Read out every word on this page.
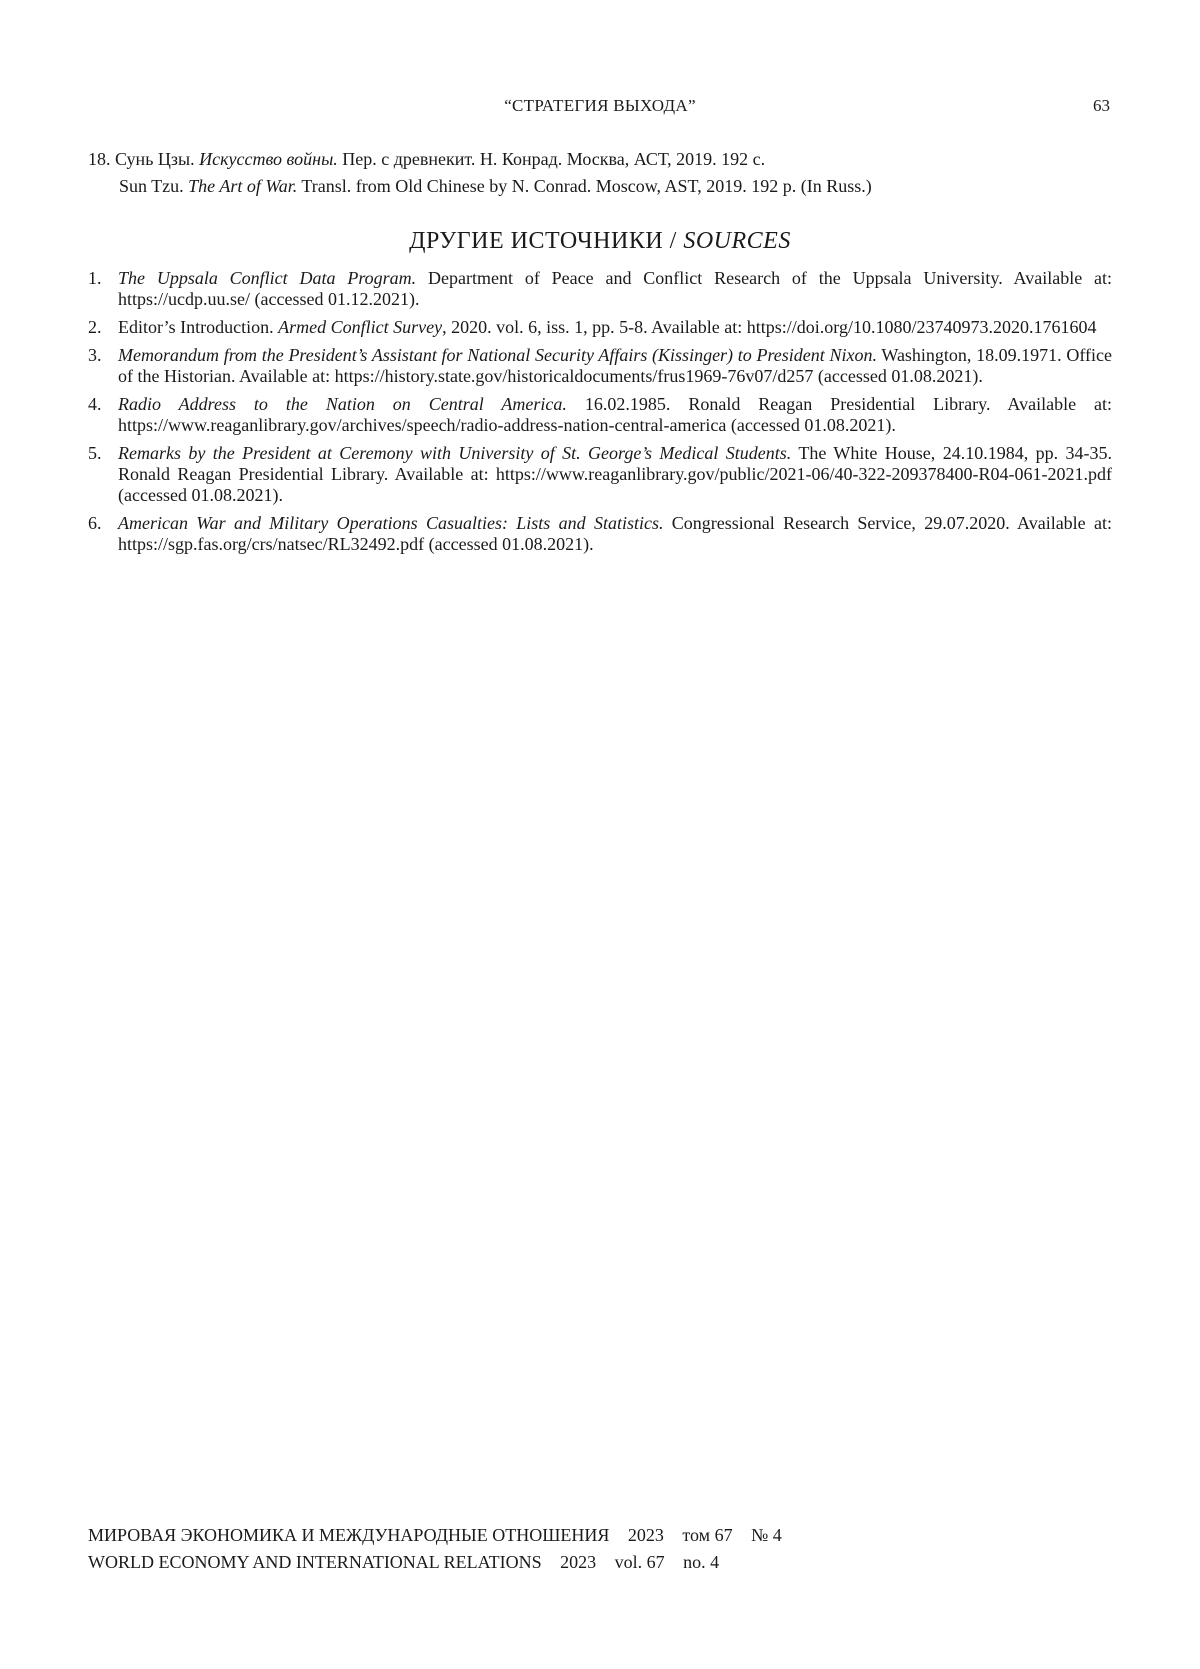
“СТРАТЕГИЯ ВЫХОДА”	63
18. Сунь Цзы. Искусство войны. Пер. с древнекит. Н. Конрад. Москва, АСТ, 2019. 192 с.
Sun Tzu. The Art of War. Transl. from Old Chinese by N. Conrad. Moscow, AST, 2019. 192 p. (In Russ.)
ДРУГИЕ ИСТОЧНИКИ / SOURCES
1. The Uppsala Conflict Data Program. Department of Peace and Conflict Research of the Uppsala University. Available at: https://ucdp.uu.se/ (accessed 01.12.2021).
2. Editor’s Introduction. Armed Conflict Survey, 2020. vol. 6, iss. 1, pp. 5-8. Available at: https://doi.org/10.1080/23740973.2020.1761604
3. Memorandum from the President’s Assistant for National Security Affairs (Kissinger) to President Nixon. Washington, 18.09.1971. Office of the Historian. Available at: https://history.state.gov/historicaldocuments/frus1969-76v07/d257 (accessed 01.08.2021).
4. Radio Address to the Nation on Central America. 16.02.1985. Ronald Reagan Presidential Library. Available at: https://www.reaganlibrary.gov/archives/speech/radio-address-nation-central-america (accessed 01.08.2021).
5. Remarks by the President at Ceremony with University of St. George’s Medical Students. The White House, 24.10.1984, pp. 34-35. Ronald Reagan Presidential Library. Available at: https://www.reaganlibrary.gov/public/2021-06/40-322-209378400-R04-061-2021.pdf (accessed 01.08.2021).
6. American War and Military Operations Casualties: Lists and Statistics. Congressional Research Service, 29.07.2020. Available at: https://sgp.fas.org/crs/natsec/RL32492.pdf (accessed 01.08.2021).
МИРОВАЯ ЭКОНОМИКА И МЕЖДУНАРОДНЫЕ ОТНОШЕНИЯ 2023 том 67 № 4
WORLD ECONOMY AND INTERNATIONAL RELATIONS 2023 vol. 67 no. 4
